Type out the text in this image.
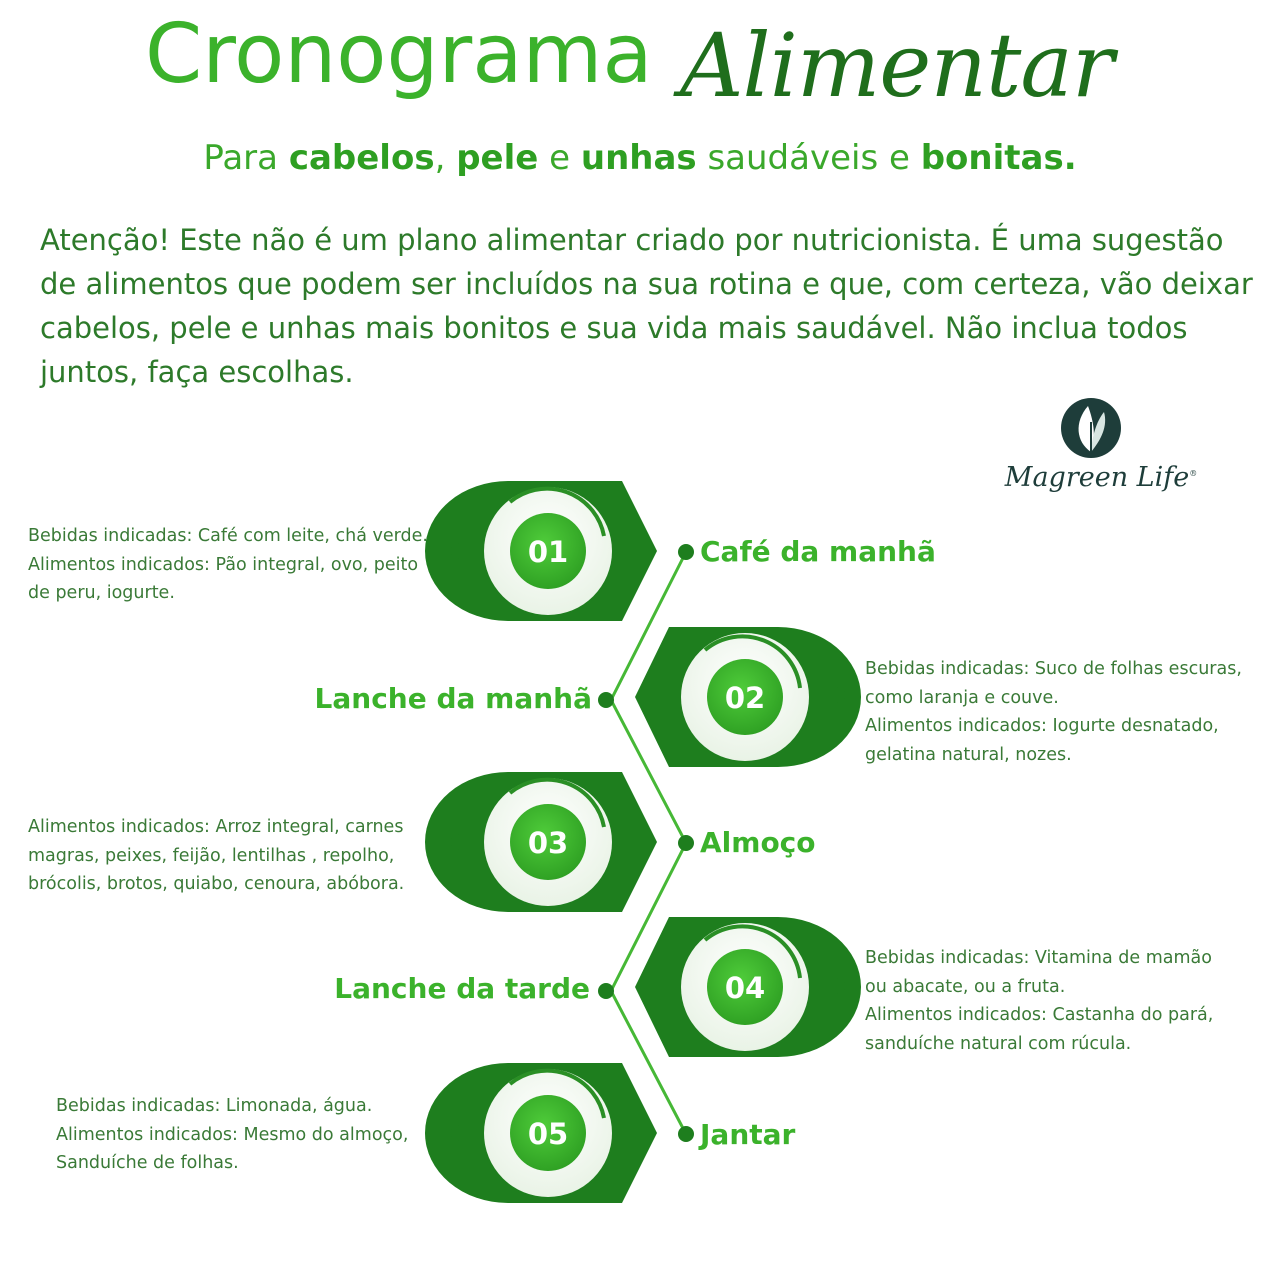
Cronograma Alimentar
Para cabelos, pele e unhas saudáveis e bonitas.
Atenção! Este não é um plano alimentar criado por nutricionista. É uma sugestão de alimentos que podem ser incluídos na sua rotina e que, com certeza, vão deixar cabelos, pele e unhas mais bonitos e sua vida mais saudável. Não inclua todos juntos, faça escolhas.
Magreen Life®
01
02
03
04
05
Café da manhã
Lanche da manhã
Almoço
Lanche da tarde
Jantar
Bebidas indicadas: Café com leite, chá verde.
Alimentos indicados: Pão integral, ovo, peito
de peru, iogurte.
Bebidas indicadas: Suco de folhas escuras,
como laranja e couve.
Alimentos indicados: Iogurte desnatado,
gelatina natural, nozes.
Alimentos indicados: Arroz integral, carnes
magras, peixes, feijão, lentilhas , repolho,
brócolis, brotos, quiabo, cenoura, abóbora.
Bebidas indicadas: Vitamina de mamão
ou abacate, ou a fruta.
Alimentos indicados: Castanha do pará,
sanduíche natural com rúcula.
Bebidas indicadas: Limonada, água.
Alimentos indicados: Mesmo do almoço,
Sanduíche de folhas.
